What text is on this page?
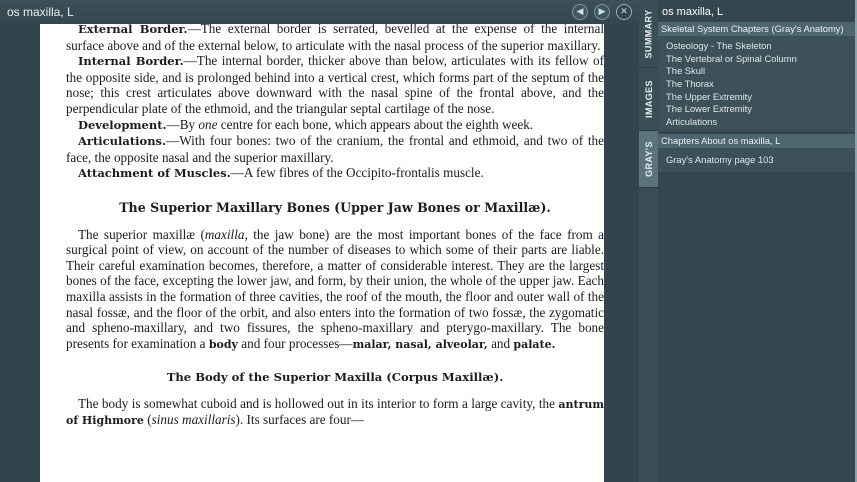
os maxilla, L	◀	▶	✕

External Border.—The external border is serrated, bevelled at the expense of the internal surface above and of the external below, to articulate with the nasal process of the superior maxillary.

Internal Border.—The internal border, thicker above than below, articulates with its fellow of the opposite side, and is prolonged behind into a vertical crest, which forms part of the septum of the nose; this crest articulates above downward with the nasal spine of the frontal above, and the perpendicular plate of the ethmoid, and the triangular septal cartilage of the nose.

Development.—By one centre for each bone, which appears about the eighth week.

Articulations.—With four bones: two of the cranium, the frontal and ethmoid, and two of the face, the opposite nasal and the superior maxillary.

Attachment of Muscles.—A few fibres of the Occipito-frontalis muscle.

The Superior Maxillary Bones (Upper Jaw Bones or Maxillæ).

The superior maxillæ (maxilla, the jaw bone) are the most important bones of the face from a surgical point of view, on account of the number of diseases to which some of their parts are liable. Their careful examination becomes, therefore, a matter of considerable interest. They are the largest bones of the face, excepting the lower jaw, and form, by their union, the whole of the upper jaw. Each maxilla assists in the formation of three cavities, the roof of the mouth, the floor and outer wall of the nasal fossæ, and the floor of the orbit, and also enters into the formation of two fossæ, the zygomatic and spheno-maxillary, and two fissures, the spheno-maxillary and pterygo-maxillary. The bone presents for examination a body and four processes—malar, nasal, alveolar, and palate.

The Body of the Superior Maxilla (Corpus Maxillæ).

The body is somewhat cuboid and is hollowed out in its interior to form a large cavity, the antrum of Highmore (sinus maxillaris). Its surfaces are four—

SUMMARY
IMAGES
GRAY'S
os maxilla, L
Skeletal System Chapters (Gray's Anatomy)
Osteology - The Skeleton
The Vertebral or Spinal Column
The Skull
The Thorax
The Upper Extremity
The Lower Extremity
Articulations
Chapters About os maxilla, L
Gray's Anatomy page 103
